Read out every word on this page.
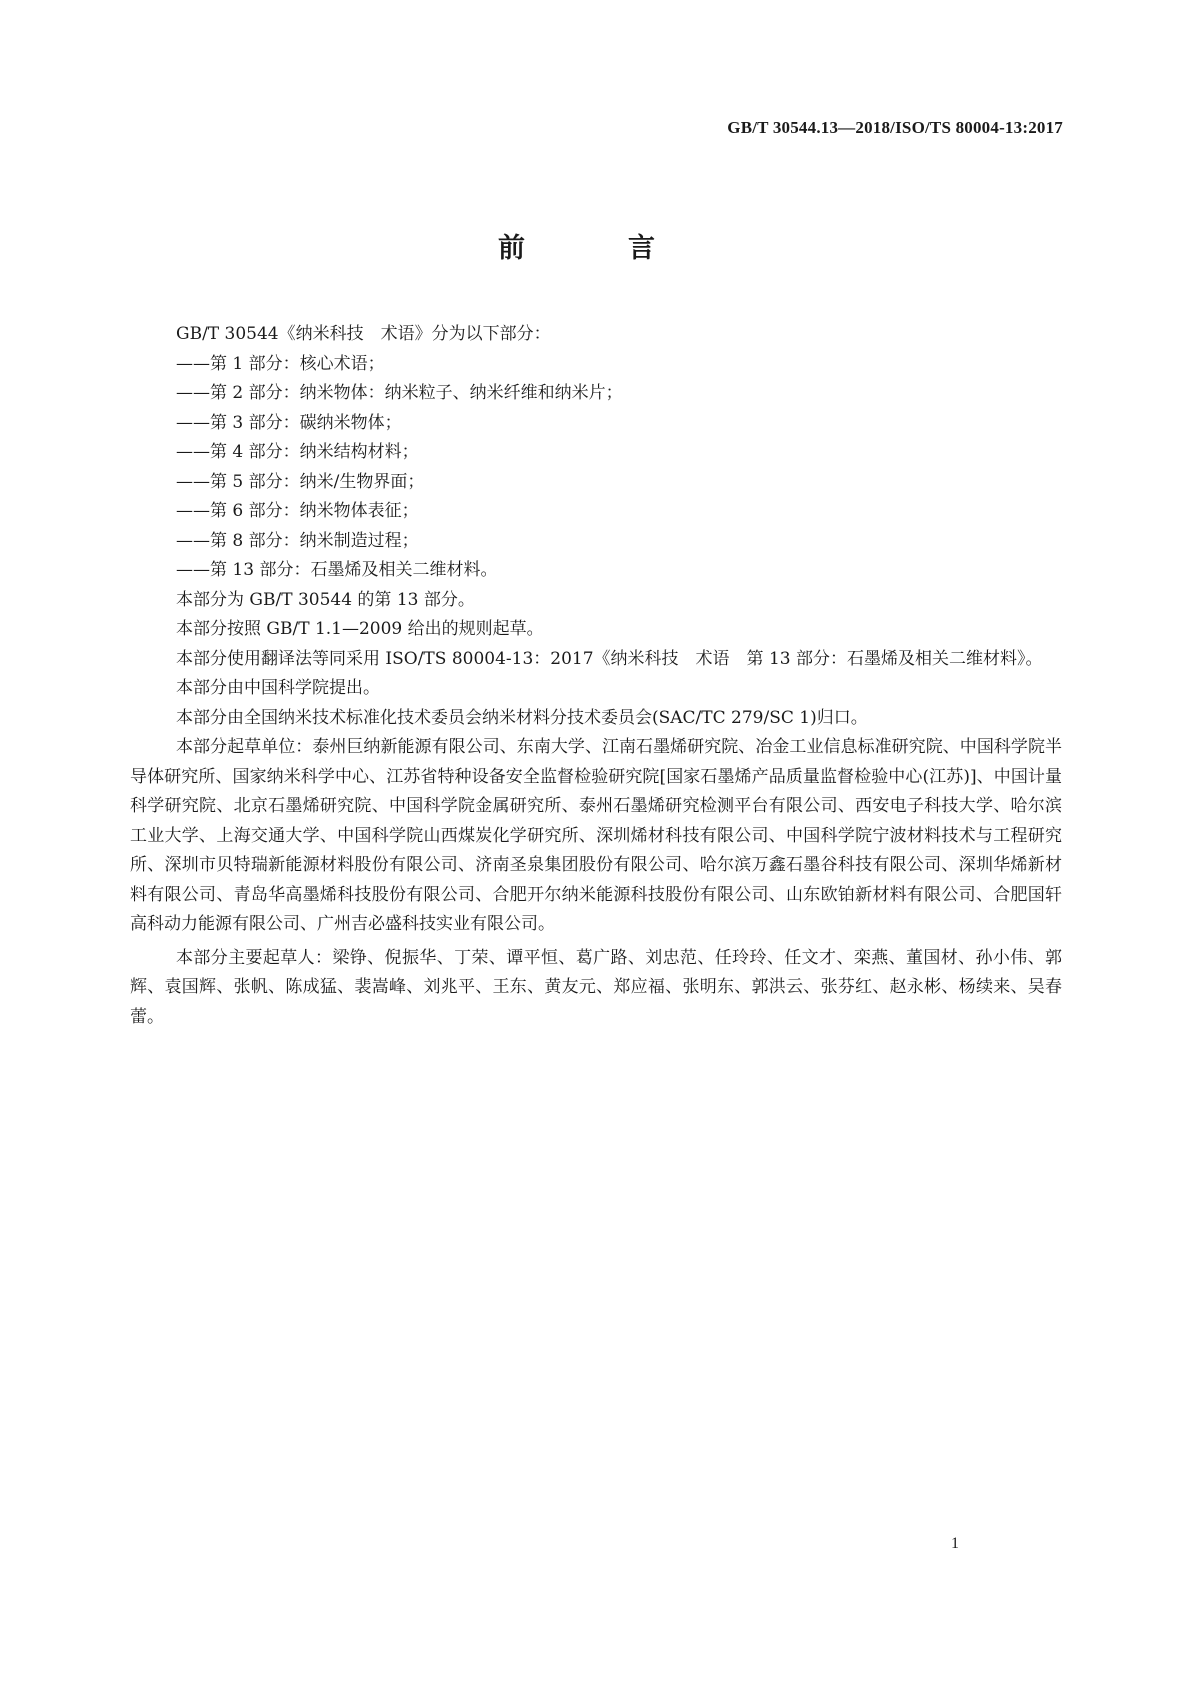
GB/T 30544.13—2018/ISO/TS 80004-13:2017
前　言

GB/T 30544《纳米科技　术语》分为以下部分：

——第 1 部分：核心术语；

——第 2 部分：纳米物体：纳米粒子、纳米纤维和纳米片；

——第 3 部分：碳纳米物体；

——第 4 部分：纳米结构材料；

——第 5 部分：纳米/生物界面；

——第 6 部分：纳米物体表征；

——第 8 部分：纳米制造过程；

——第 13 部分：石墨烯及相关二维材料。

本部分为 GB/T 30544 的第 13 部分。

本部分按照 GB/T 1.1—2009 给出的规则起草。

本部分使用翻译法等同采用 ISO/TS 80004-13：2017《纳米科技　术语　第 13 部分：石墨烯及相关二维材料》。

本部分由中国科学院提出。

本部分由全国纳米技术标准化技术委员会纳米材料分技术委员会(SAC/TC 279/SC 1)归口。

本部分起草单位：泰州巨纳新能源有限公司、东南大学、江南石墨烯研究院、冶金工业信息标准研究院、中国科学院半导体研究所、国家纳米科学中心、江苏省特种设备安全监督检验研究院[国家石墨烯产品质量监督检验中心(江苏)]、中国计量科学研究院、北京石墨烯研究院、中国科学院金属研究所、泰州石墨烯研究检测平台有限公司、西安电子科技大学、哈尔滨工业大学、上海交通大学、中国科学院山西煤炭化学研究所、深圳烯材科技有限公司、中国科学院宁波材料技术与工程研究所、深圳市贝特瑞新能源材料股份有限公司、济南圣泉集团股份有限公司、哈尔滨万鑫石墨谷科技有限公司、深圳华烯新材料有限公司、青岛华高墨烯科技股份有限公司、合肥开尔纳米能源科技股份有限公司、山东欧铂新材料有限公司、合肥国轩高科动力能源有限公司、广州吉必盛科技实业有限公司。

本部分主要起草人：梁铮、倪振华、丁荣、谭平恒、葛广路、刘忠范、任玲玲、任文才、栾燕、董国材、孙小伟、郭辉、袁国辉、张帆、陈成猛、裴嵩峰、刘兆平、王东、黄友元、郑应福、张明东、郭洪云、张芬红、赵永彬、杨续来、吴春蕾。

1
